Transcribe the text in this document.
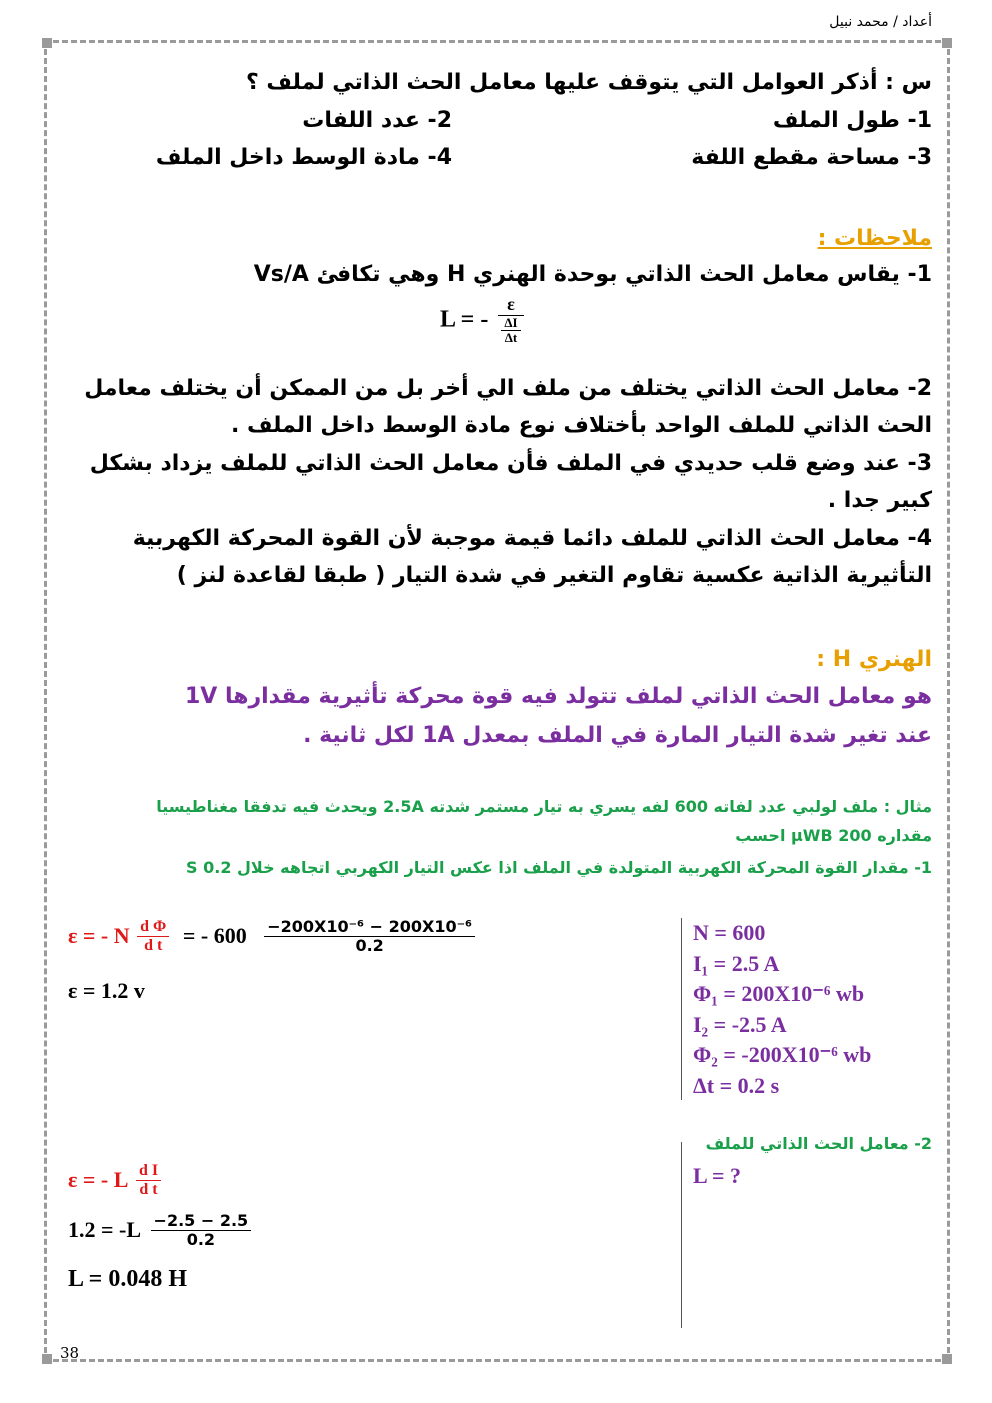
أعداد / محمد نبيل
س : أذكر العوامل التي يتوقف عليها معامل الحث الذاتي لملف ؟
1- طول الملف
2- عدد اللفات
3- مساحة مقطع اللفة
4- مادة الوسط داخل الملف
ملاحظات :
1- يقاس معامل الحث الذاتي بوحدة الهنري H وهي تكافئ Vs/A
L = - ε
ΔI
Δt
2- معامل الحث الذاتي يختلف من ملف الي أخر بل من الممكن أن يختلف معامل
الحث الذاتي للملف الواحد بأختلاف نوع مادة الوسط داخل الملف .
3- عند وضع قلب حديدي في الملف فأن معامل الحث الذاتي للملف يزداد بشكل
كبير جدا .
4- معامل الحث الذاتي للملف دائما قيمة موجبة لأن القوة المحركة الكهربية
التأثيرية الذاتية عكسية تقاوم التغير في شدة التيار ( طبقا لقاعدة لنز )
الهنري H :
هو معامل الحث الذاتي لملف تتولد فيه قوة محركة تأثيرية مقدارها 1V
عند تغير شدة التيار المارة في الملف بمعدل 1A لكل ثانية .
مثال : ملف لولبي عدد لفاته 600 لفه يسري به تيار مستمر شدته 2.5A ويحدث فيه تدفقا مغناطيسيا
مقداره 200 μWB احسب
1- مقدار القوة المحركة الكهربية المتولدة في الملف اذا عكس التيار الكهربي اتجاهه خلال 0.2 S
ε = - N $\frac{\text{d Φ}}{\text{d t}}$ = - $600 \frac{\text{−200X10⁻⁶ − 200X10⁻⁶}}{0.2}$
ε = 1.2 v
N = 600
I₁ = 2.5 A
Φ₁ = 200X10⁻⁶ wb
I₂ = -2.5 A
Φ₂ = -200X10⁻⁶ wb
Δt = 0.2 s
2- معامل الحث الذاتي للملف
L = ?
ε = - L $\frac{\text{d I}}{\text{d t}}$
$1.2 = -L \frac{-2.5 - 2.5}{0.2}$
L = 0.048 H
38
